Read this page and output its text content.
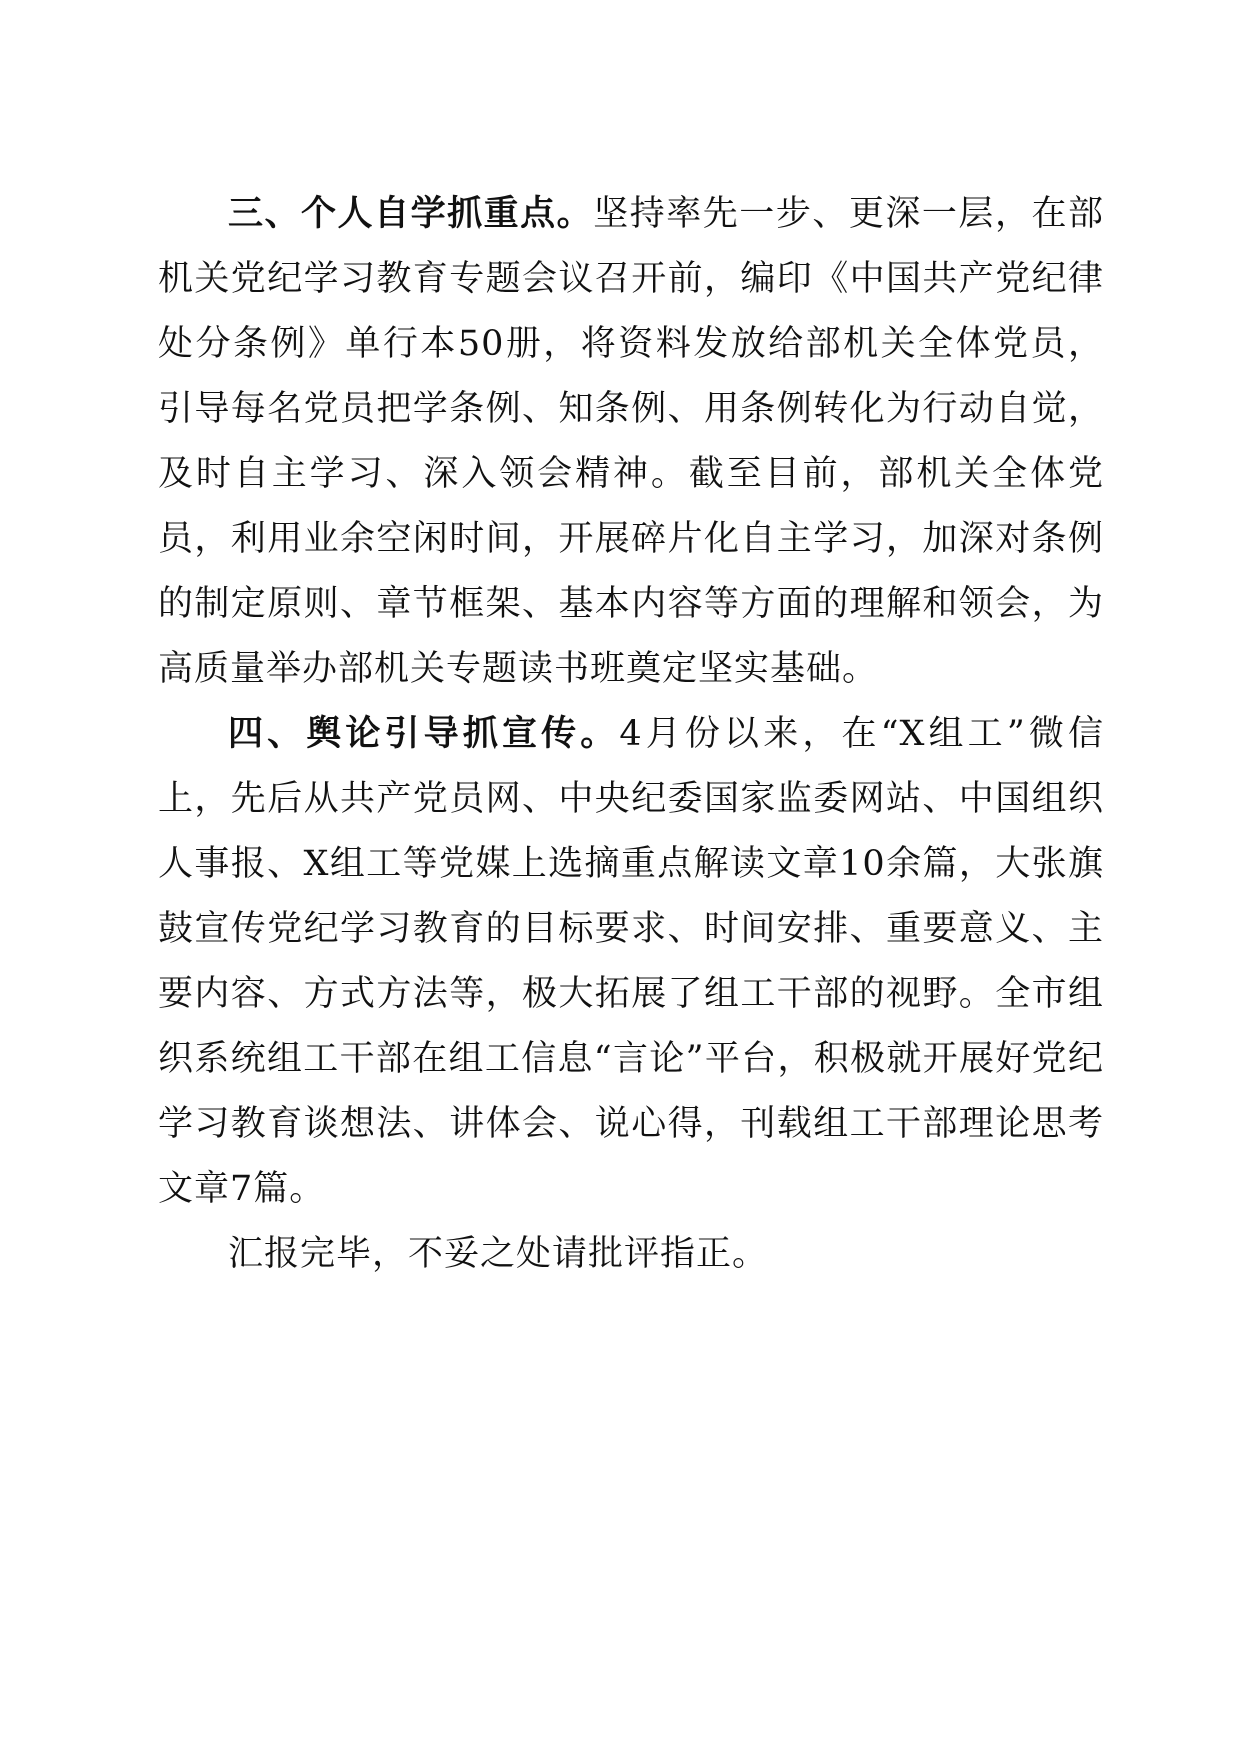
三、个人自学抓重点。坚持率先一步、更深一层，在部机关党纪学习教育专题会议召开前，编印《中国共产党纪律处分条例》单行本50册，将资料发放给部机关全体党员，引导每名党员把学条例、知条例、用条例转化为行动自觉，及时自主学习、深入领会精神。截至目前，部机关全体党员，利用业余空闲时间，开展碎片化自主学习，加深对条例的制定原则、章节框架、基本内容等方面的理解和领会，为高质量举办部机关专题读书班奠定坚实基础。

四、舆论引导抓宣传。4月份以来，在“X组工”微信上，先后从共产党员网、中央纪委国家监委网站、中国组织人事报、X组工等党媒上选摘重点解读文章10余篇，大张旗鼓宣传党纪学习教育的目标要求、时间安排、重要意义、主要内容、方式方法等，极大拓展了组工干部的视野。全市组织系统组工干部在组工信息“言论”平台，积极就开展好党纪学习教育谈想法、讲体会、说心得，刊载组工干部理论思考文章7篇。

汇报完毕，不妥之处请批评指正。
